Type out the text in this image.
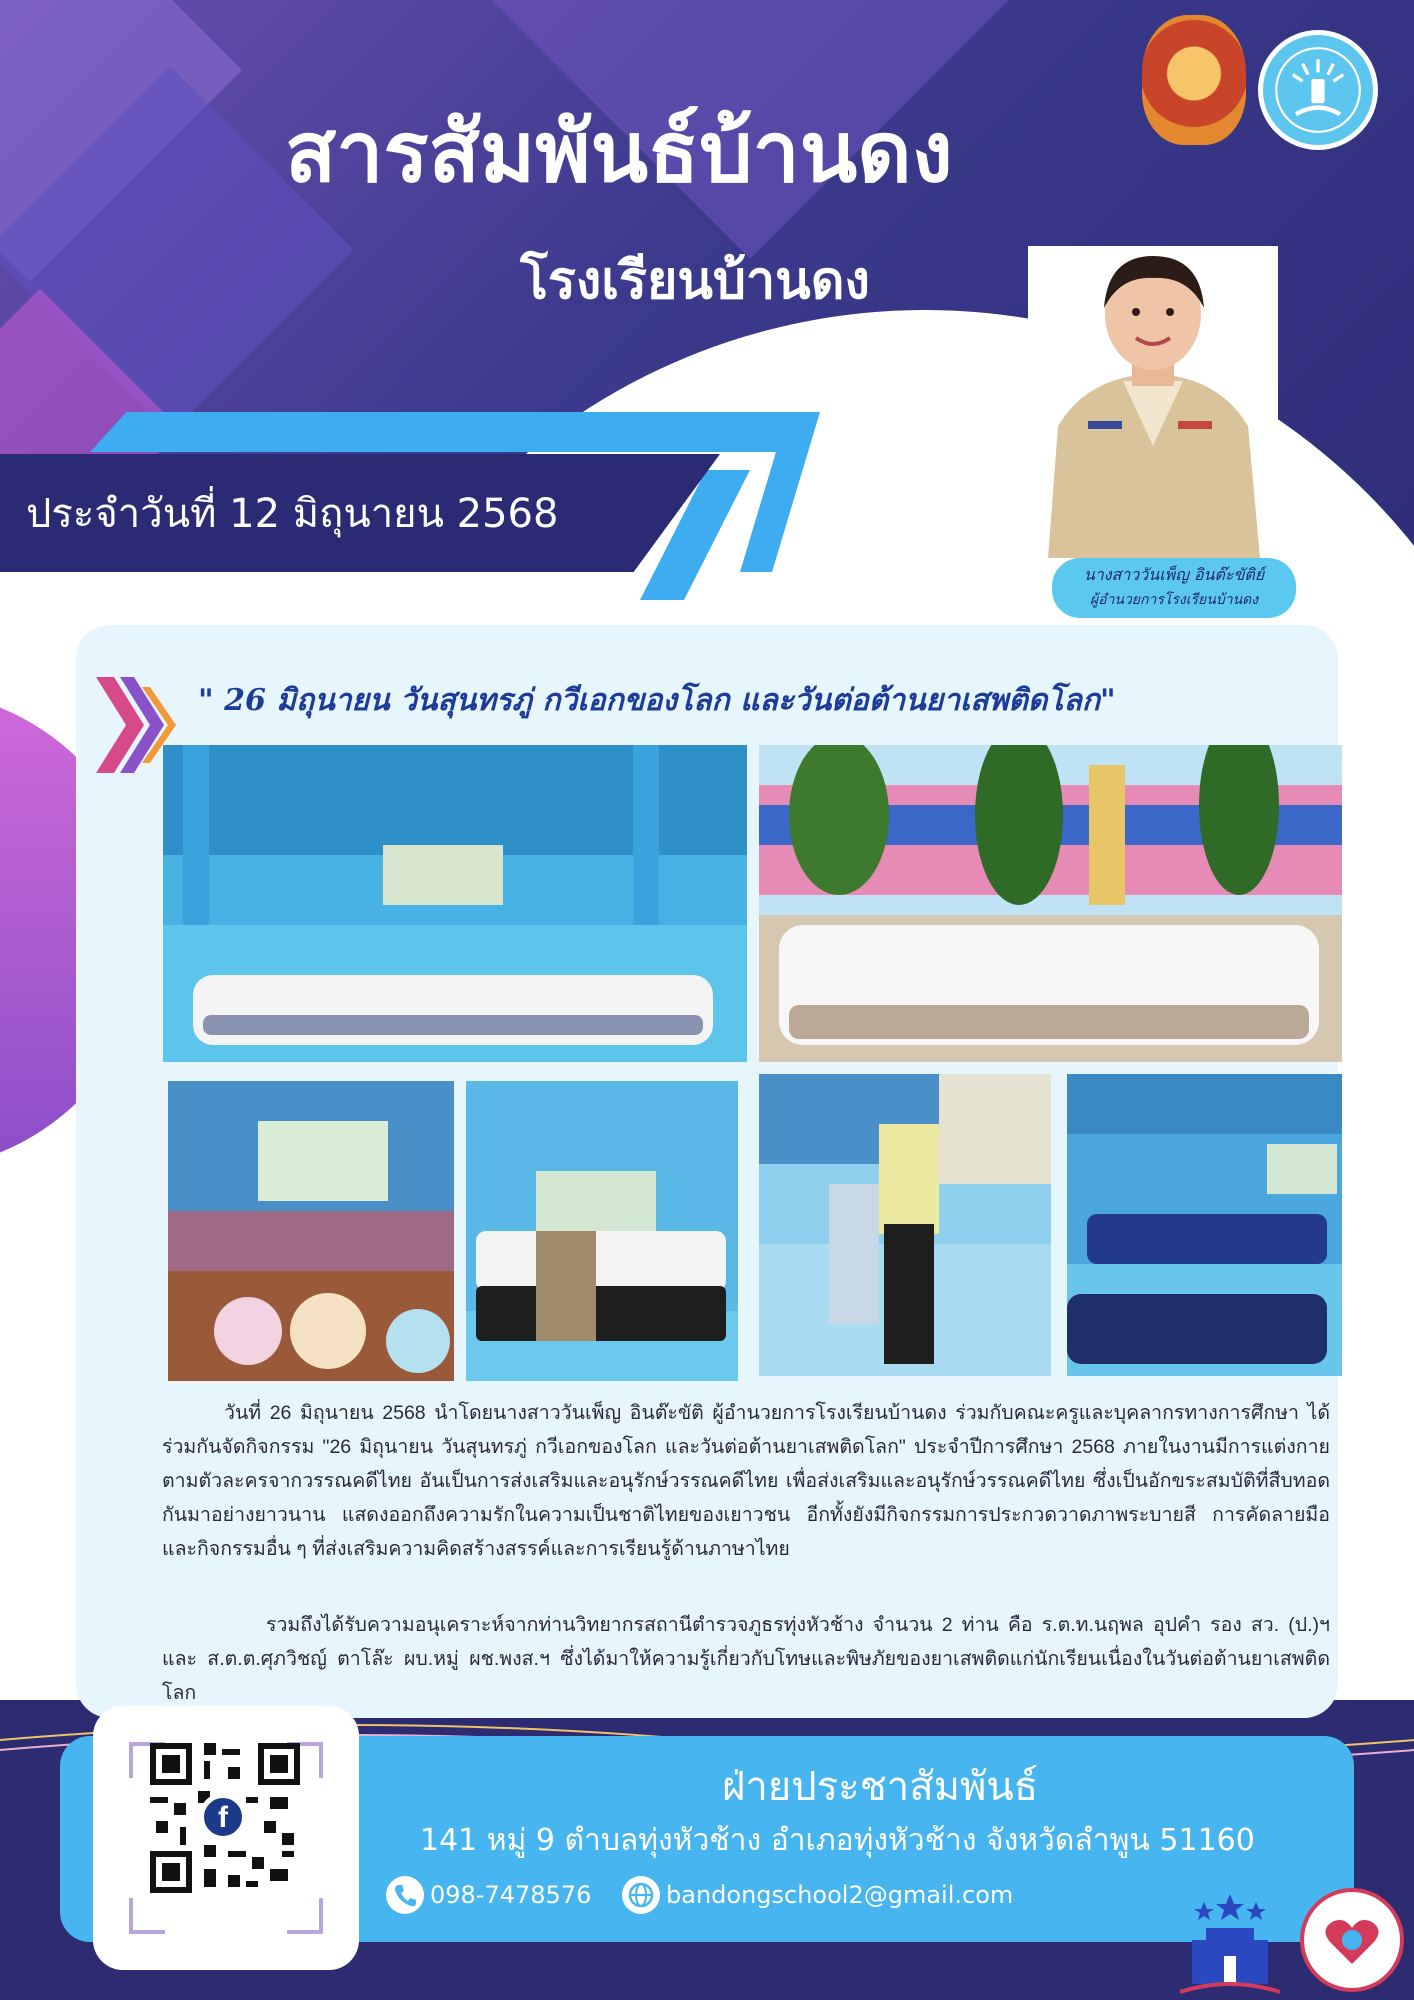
สารสัมพันธ์บ้านดง
โรงเรียนบ้านดง
ประจำวันที่ 12 มิถุนายน 2568
นางสาววันเพ็ญ อินต๊ะขัติย์
ผู้อำนวยการโรงเรียนบ้านดง
" 26 มิถุนายน วันสุนทรภู่ กวีเอกของโลก และวันต่อต้านยาเสพติดโลก"

วันที่ 26 มิถุนายน 2568 นำโดยนางสาววันเพ็ญ อินต๊ะขัติ ผู้อำนวยการโรงเรียนบ้านดง ร่วมกับคณะครูและบุคลากรทางการศึกษา ได้ร่วมกันจัดกิจกรรม "26 มิถุนายน วันสุนทรภู่ กวีเอกของโลก และวันต่อต้านยาเสพติดโลก" ประจำปีการศึกษา 2568 ภายในงานมีการแต่งกายตามตัวละครจากวรรณคดีไทย อันเป็นการส่งเสริมและอนุรักษ์วรรณคดีไทย เพื่อส่งเสริมและอนุรักษ์วรรณคดีไทย ซึ่งเป็นอักขระสมบัติที่สืบทอดกันมาอย่างยาวนาน แสดงออกถึงความรักในความเป็นชาติไทยของเยาวชน อีกทั้งยังมีกิจกรรมการประกวดวาดภาพระบายสี การคัดลายมือ และกิจกรรมอื่น ๆ ที่ส่งเสริมความคิดสร้างสรรค์และการเรียนรู้ด้านภาษาไทย

รวมถึงได้รับความอนุเคราะห์จากท่านวิทยากรสถานีตำรวจภูธรทุ่งหัวช้าง จำนวน 2 ท่าน คือ ร.ต.ท.นฤพล อุปคำ รอง สว. (ป.)ฯ และ ส.ต.ต.ศุภวิชญ์ ตาโล๊ะ ผบ.หมู่ ผช.พงส.ฯ ซึ่งได้มาให้ความรู้เกี่ยวกับโทษและพิษภัยของยาเสพติดแก่นักเรียนเนื่องในวันต่อต้านยาเสพติดโลก

f
ฝ่ายประชาสัมพันธ์
141 หมู่ 9 ตำบลทุ่งหัวช้าง อำเภอทุ่งหัวช้าง จังหวัดลำพูน 51160
098-7478576	bandongschool2@gmail.com
